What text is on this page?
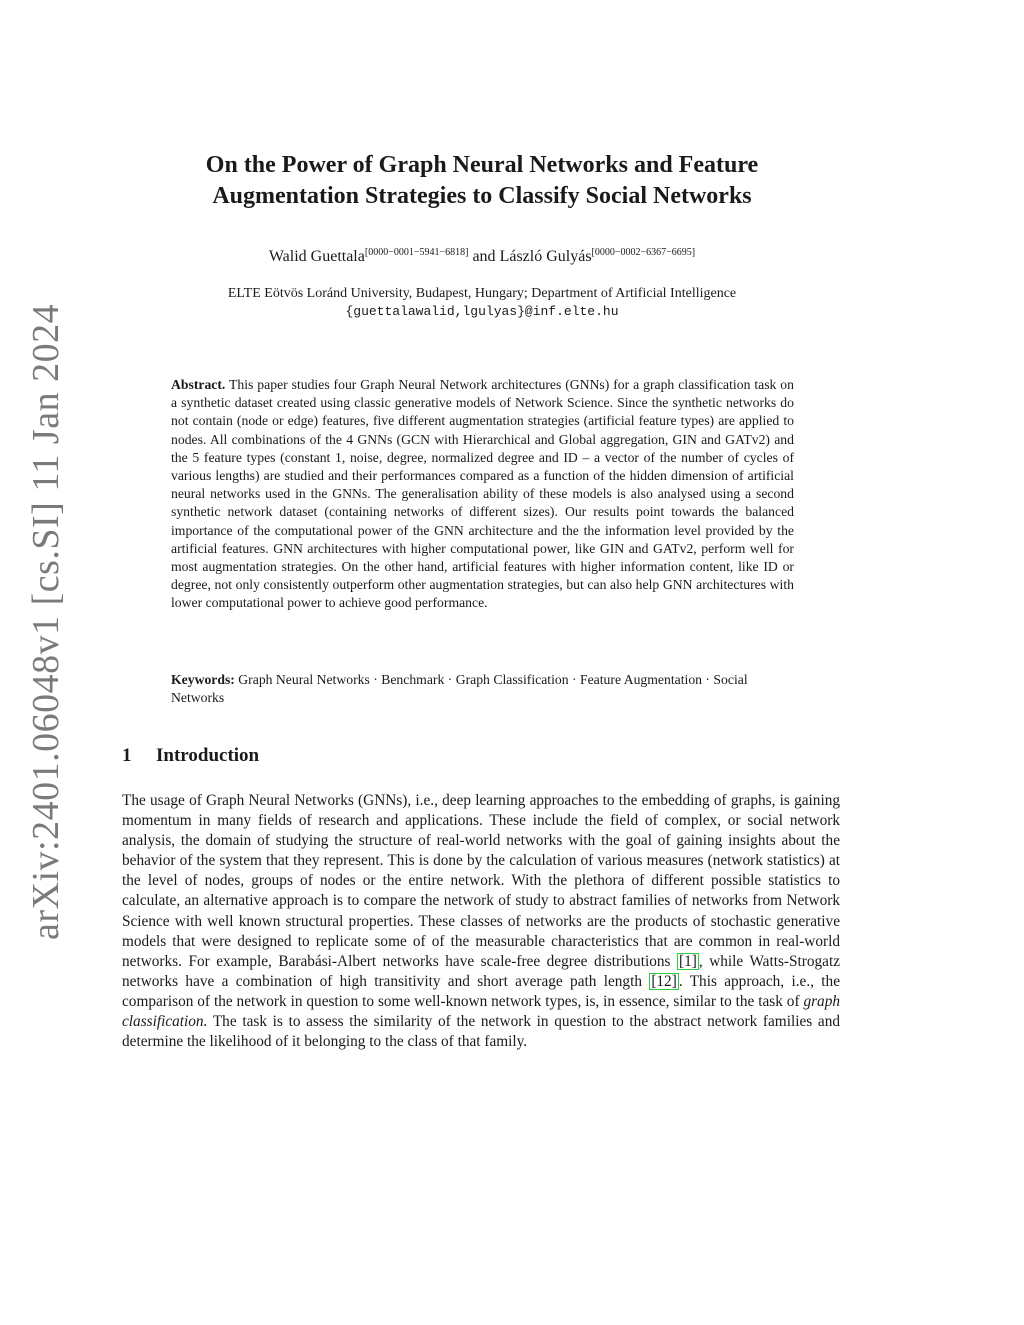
arXiv:2401.06048v1 [cs.SI] 11 Jan 2024
On the Power of Graph Neural Networks and Feature
Augmentation Strategies to Classify Social Networks
Walid Guettala[0000−0001−5941−6818] and László Gulyás[0000−0002−6367−6695]
ELTE Eötvös Loránd University, Budapest, Hungary; Department of Artificial Intelligence
{guettalawalid,lgulyas}@inf.elte.hu
Abstract. This paper studies four Graph Neural Network architectures (GNNs) for a graph classification task on a synthetic dataset created using classic generative models of Network Science. Since the synthetic networks do not contain (node or edge) features, five different augmentation strategies (artificial feature types) are applied to nodes. All combinations of the 4 GNNs (GCN with Hierarchical and Global aggregation, GIN and GATv2) and the 5 feature types (constant 1, noise, degree, normalized degree and ID – a vector of the number of cycles of various lengths) are studied and their performances compared as a function of the hidden dimension of artificial neural networks used in the GNNs. The generalisation ability of these models is also analysed using a second synthetic network dataset (containing networks of different sizes). Our results point towards the balanced importance of the computational power of the GNN architecture and the the information level provided by the artificial features. GNN architectures with higher computational power, like GIN and GATv2, perform well for most augmentation strategies. On the other hand, artificial features with higher information content, like ID or degree, not only consistently outperform other augmentation strategies, but can also help GNN architectures with lower computational power to achieve good performance.
Keywords: Graph Neural Networks · Benchmark · Graph Classification · Feature Augmentation · Social Networks
1 Introduction
The usage of Graph Neural Networks (GNNs), i.e., deep learning approaches to the embedding of graphs, is gaining momentum in many fields of research and applications. These include the field of complex, or social network analysis, the domain of studying the structure of real-world networks with the goal of gaining insights about the behavior of the system that they represent. This is done by the calculation of various measures (network statistics) at the level of nodes, groups of nodes or the entire network. With the plethora of different possible statistics to calculate, an alternative approach is to compare the network of study to abstract families of networks from Network Science with well known structural properties. These classes of networks are the products of stochastic generative models that were designed to replicate some of of the measurable characteristics that are common in real-world networks. For example, Barabási-Albert networks have scale-free degree distributions [1] , while Watts-Strogatz networks have a combination of high transitivity and short average path length [12] . This approach, i.e., the comparison of the network in question to some well-known network types, is, in essence, similar to the task of graph classification. The task is to assess the similarity of the network in question to the abstract network families and determine the likelihood of it belonging to the class of that family.
